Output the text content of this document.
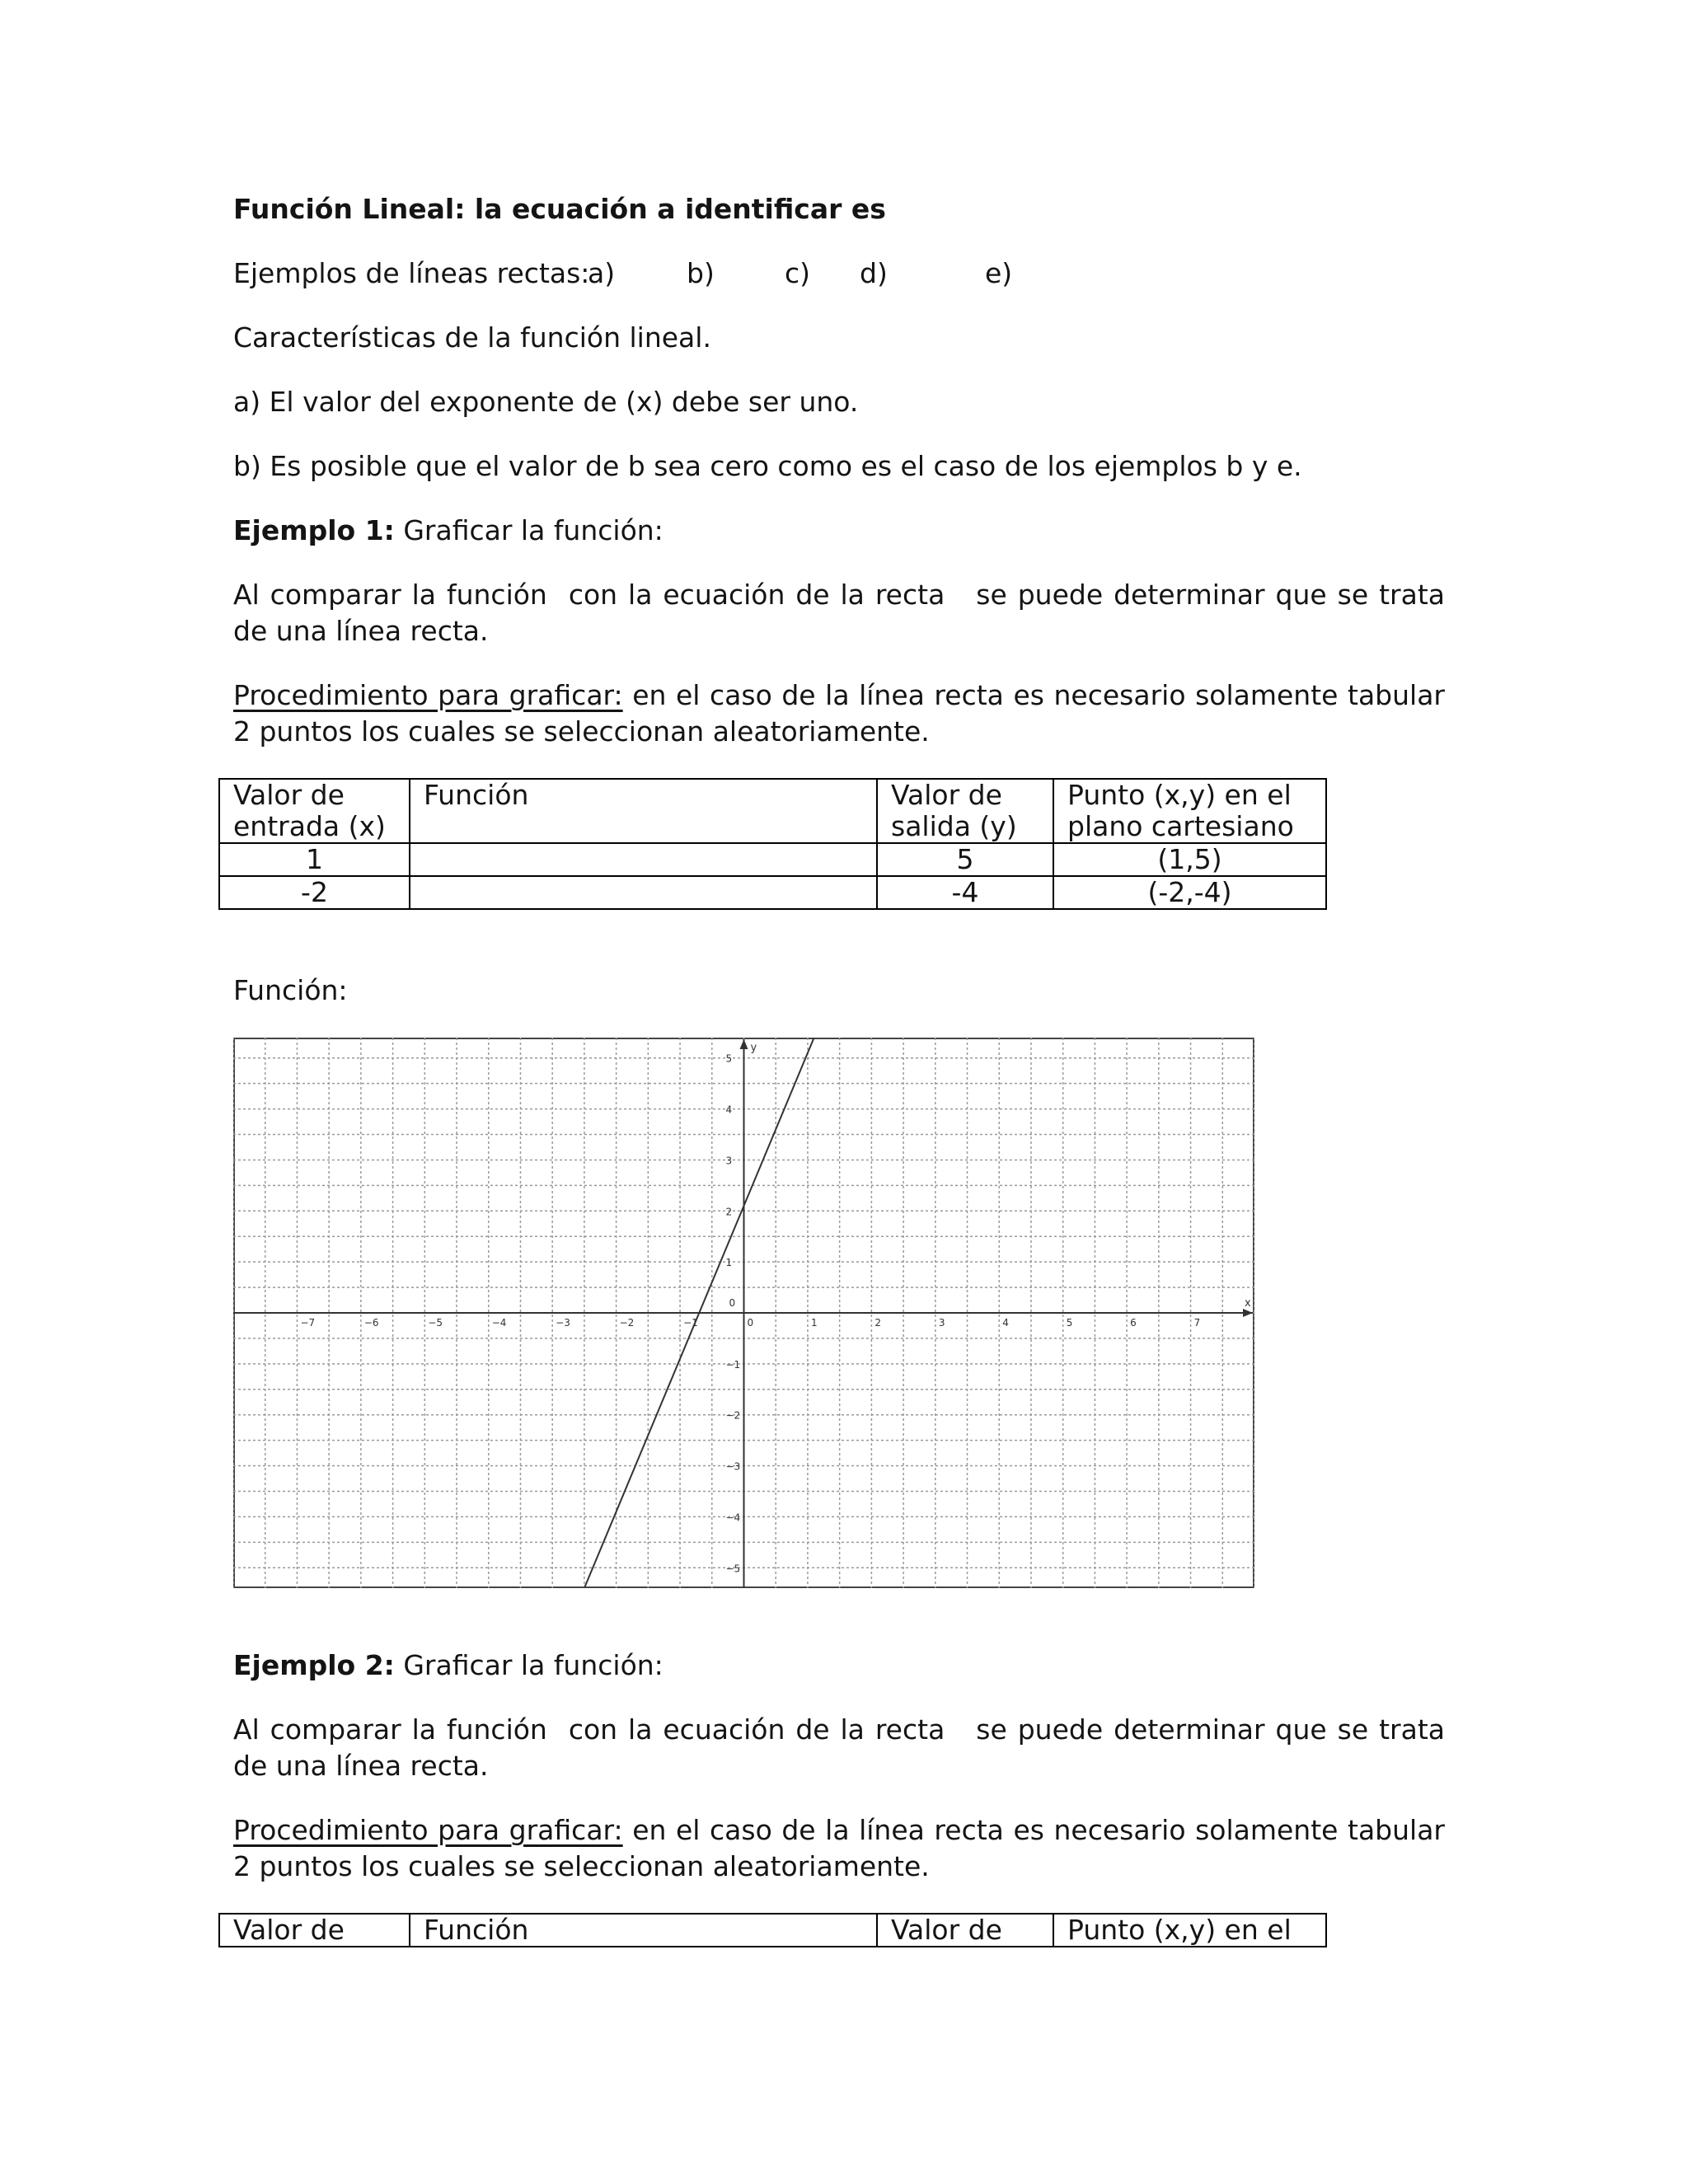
Función Lineal: la ecuación a identificar es
Ejemplos de líneas rectas:
a)	b)	c) d)	e)
Características de la función lineal.
a) El valor del exponente de (x) debe ser uno.
b) Es posible que el valor de b sea cero como es el caso de los ejemplos b y e.
Ejemplo 1: Graficar la función:
Al comparar la función con la ecuación de la recta se puede determinar que se trata de una línea recta.
Procedimiento para graficar: en el caso de la línea recta es necesario solamente tabular 2 puntos los cuales se seleccionan aleatoriamente.
Valor de entrada (x)	Función	Valor de salida (y)	Punto (x,y) en el plano cartesiano
1		5	(1,5)
-2		-4	(-2,-4)
Función:
x
y
−7	−6	−5	−4	−3	−2	−1	0	1	2	3	4	5	6	7
5
4
3
2
1
0
−1
−2
−3
−4
−5
Ejemplo 2: Graficar la función:
Al comparar la función con la ecuación de la recta se puede determinar que se trata de una línea recta.
Procedimiento para graficar: en el caso de la línea recta es necesario solamente tabular 2 puntos los cuales se seleccionan aleatoriamente.
Valor de	Función	Valor de	Punto (x,y) en el
